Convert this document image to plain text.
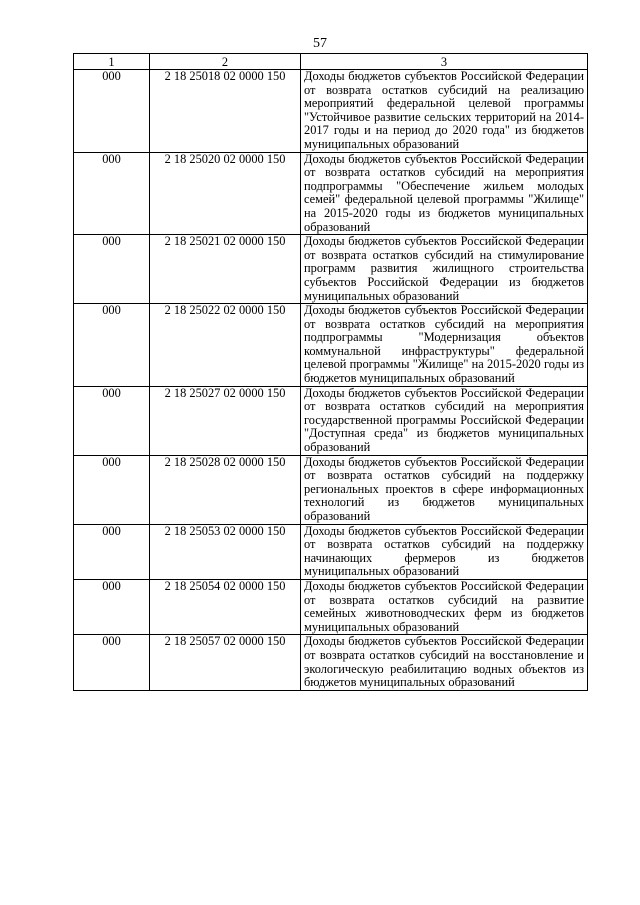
57
1	2	3
000	2 18 25018 02 0000 150	Доходы бюджетов субъектов Российской Федерации от возврата остатков субсидий на реализацию мероприятий федеральной целевой программы "Устойчивое развитие сельских территорий на 2014-2017 годы и на период до 2020 года" из бюджетов муниципальных образований
000	2 18 25020 02 0000 150	Доходы бюджетов субъектов Российской Федерации от возврата остатков субсидий на мероприятия подпрограммы "Обеспечение жильем молодых семей" федеральной целевой программы "Жилище" на 2015-2020 годы из бюджетов муниципальных образований
000	2 18 25021 02 0000 150	Доходы бюджетов субъектов Российской Федерации от возврата остатков субсидий на стимулирование программ развития жилищного строительства субъектов Российской Федерации из бюджетов муниципальных образований
000	2 18 25022 02 0000 150	Доходы бюджетов субъектов Российской Федерации от возврата остатков субсидий на мероприятия подпрограммы "Модернизация объектов коммунальной инфраструктуры" федеральной целевой программы "Жилище" на 2015-2020 годы из бюджетов муниципальных образований
000	2 18 25027 02 0000 150	Доходы бюджетов субъектов Российской Федерации от возврата остатков субсидий на мероприятия государственной программы Российской Федерации "Доступная среда" из бюджетов муниципальных образований
000	2 18 25028 02 0000 150	Доходы бюджетов субъектов Российской Федерации от возврата остатков субсидий на поддержку региональных проектов в сфере информационных технологий из бюджетов муниципальных образований
000	2 18 25053 02 0000 150	Доходы бюджетов субъектов Российской Федерации от возврата остатков субсидий на поддержку начинающих фермеров из бюджетов муниципальных образований
000	2 18 25054 02 0000 150	Доходы бюджетов субъектов Российской Федерации от возврата остатков субсидий на развитие семейных животноводческих ферм из бюджетов муниципальных образований
000	2 18 25057 02 0000 150	Доходы бюджетов субъектов Российской Федерации от возврата остатков субсидий на восстановление и экологическую реабилитацию водных объектов из бюджетов муниципальных образований
